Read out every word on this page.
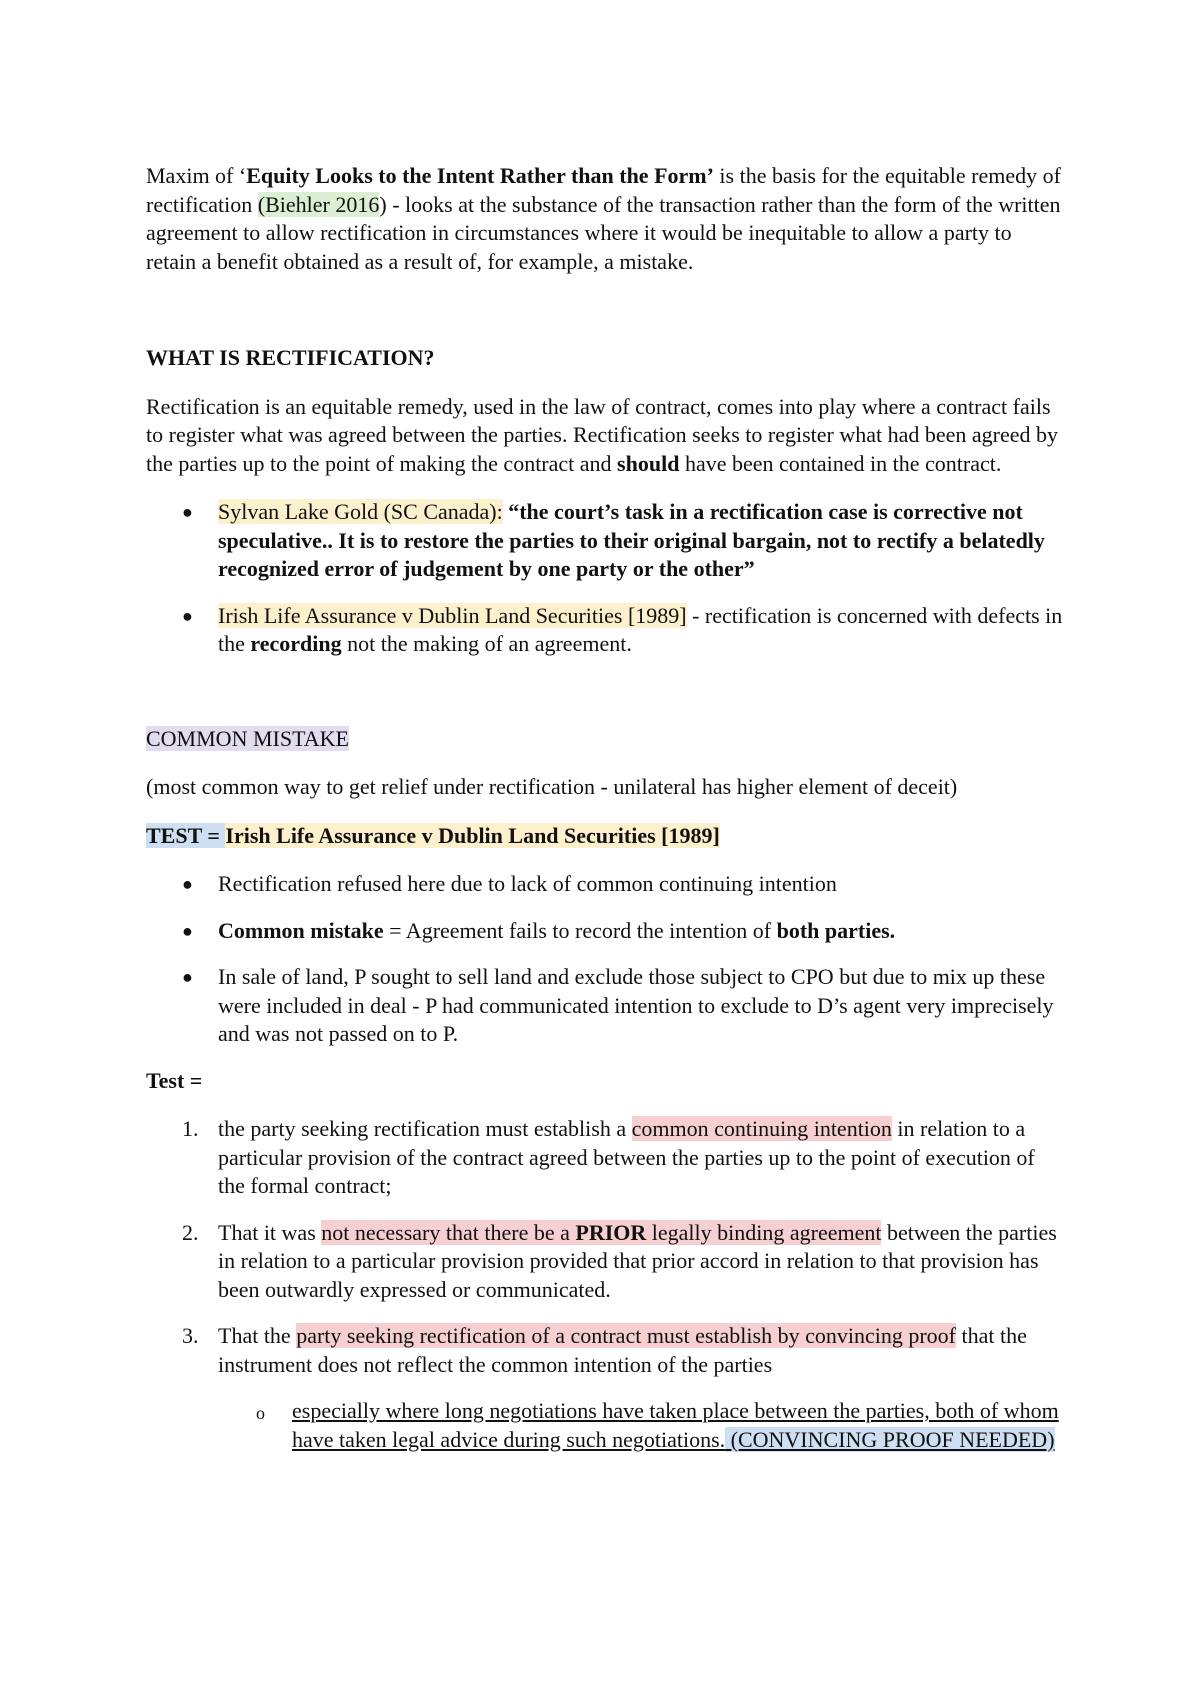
Maxim of ‘Equity Looks to the Intent Rather than the Form’ is the basis for the equitable remedy of rectification (Biehler 2016) - looks at the substance of the transaction rather than the form of the written agreement to allow rectification in circumstances where it would be inequitable to allow a party to retain a benefit obtained as a result of, for example, a mistake.

WHAT IS RECTIFICATION?

Rectification is an equitable remedy, used in the law of contract, comes into play where a contract fails to register what was agreed between the parties. Rectification seeks to register what had been agreed by the parties up to the point of making the contract and should have been contained in the contract.

●	Sylvan Lake Gold (SC Canada): “the court’s task in a rectification case is corrective not speculative.. It is to restore the parties to their original bargain, not to rectify a belatedly recognized error of judgement by one party or the other”
●	Irish Life Assurance v Dublin Land Securities [1989] - rectification is concerned with defects in the recording not the making of an agreement.

COMMON MISTAKE

(most common way to get relief under rectification - unilateral has higher element of deceit)

TEST = Irish Life Assurance v Dublin Land Securities [1989]

●	Rectification refused here due to lack of common continuing intention
●	Common mistake = Agreement fails to record the intention of both parties.
●	In sale of land, P sought to sell land and exclude those subject to CPO but due to mix up these were included in deal - P had communicated intention to exclude to D’s agent very imprecisely and was not passed on to P.

Test =

1. the party seeking rectification must establish a common continuing intention in relation to a particular provision of the contract agreed between the parties up to the point of execution of the formal contract;
2. That it was not necessary that there be a PRIOR legally binding agreement between the parties in relation to a particular provision provided that prior accord in relation to that provision has been outwardly expressed or communicated.
3. That the party seeking rectification of a contract must establish by convincing proof that the instrument does not reflect the common intention of the parties
o especially where long negotiations have taken place between the parties, both of whom have taken legal advice during such negotiations. (CONVINCING PROOF NEEDED)
